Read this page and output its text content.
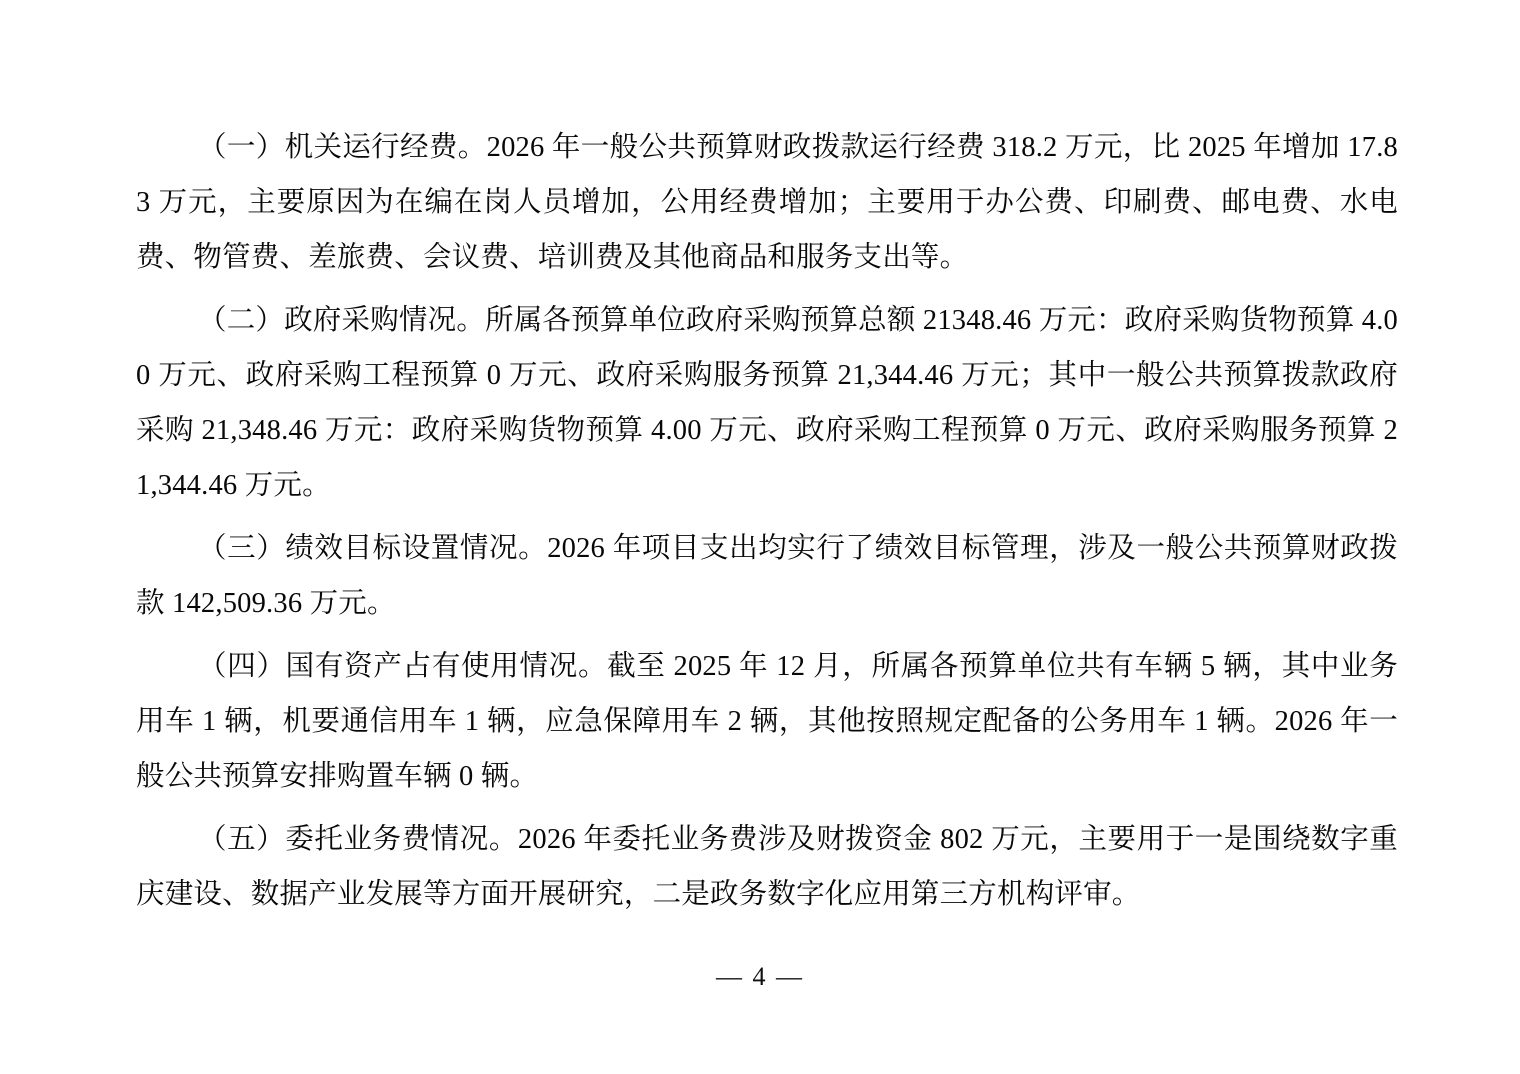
（一）机关运行经费。2026 年一般公共预算财政拨款运行经费 318.2 万元，比 2025 年增加 17.83 万元，主要原因为在编在岗人员增加，公用经费增加；主要用于办公费、印刷费、邮电费、水电费、物管费、差旅费、会议费、培训费及其他商品和服务支出等。

（二）政府采购情况。所属各预算单位政府采购预算总额 21348.46 万元：政府采购货物预算 4.00 万元、政府采购工程预算 0 万元、政府采购服务预算 21,344.46 万元；其中一般公共预算拨款政府采购 21,348.46 万元：政府采购货物预算 4.00 万元、政府采购工程预算 0 万元、政府采购服务预算 21,344.46 万元。

（三）绩效目标设置情况。2026 年项目支出均实行了绩效目标管理，涉及一般公共预算财政拨 款 142,509.36 万元。

（四）国有资产占有使用情况。截至 2025 年 12 月，所属各预算单位共有车辆 5 辆，其中业务用车 1 辆，机要通信用车 1 辆，应急保障用车 2 辆，其他按照规定配备的公务用车 1 辆。2026 年一般公共预算安排购置车辆 0 辆。

（五）委托业务费情况。2026 年委托业务费涉及财拨资金 802 万元，主要用于一是围绕数字重庆建设、数据产业发展等方面开展研究，二是政务数字化应用第三方机构评审。

— 4 —
